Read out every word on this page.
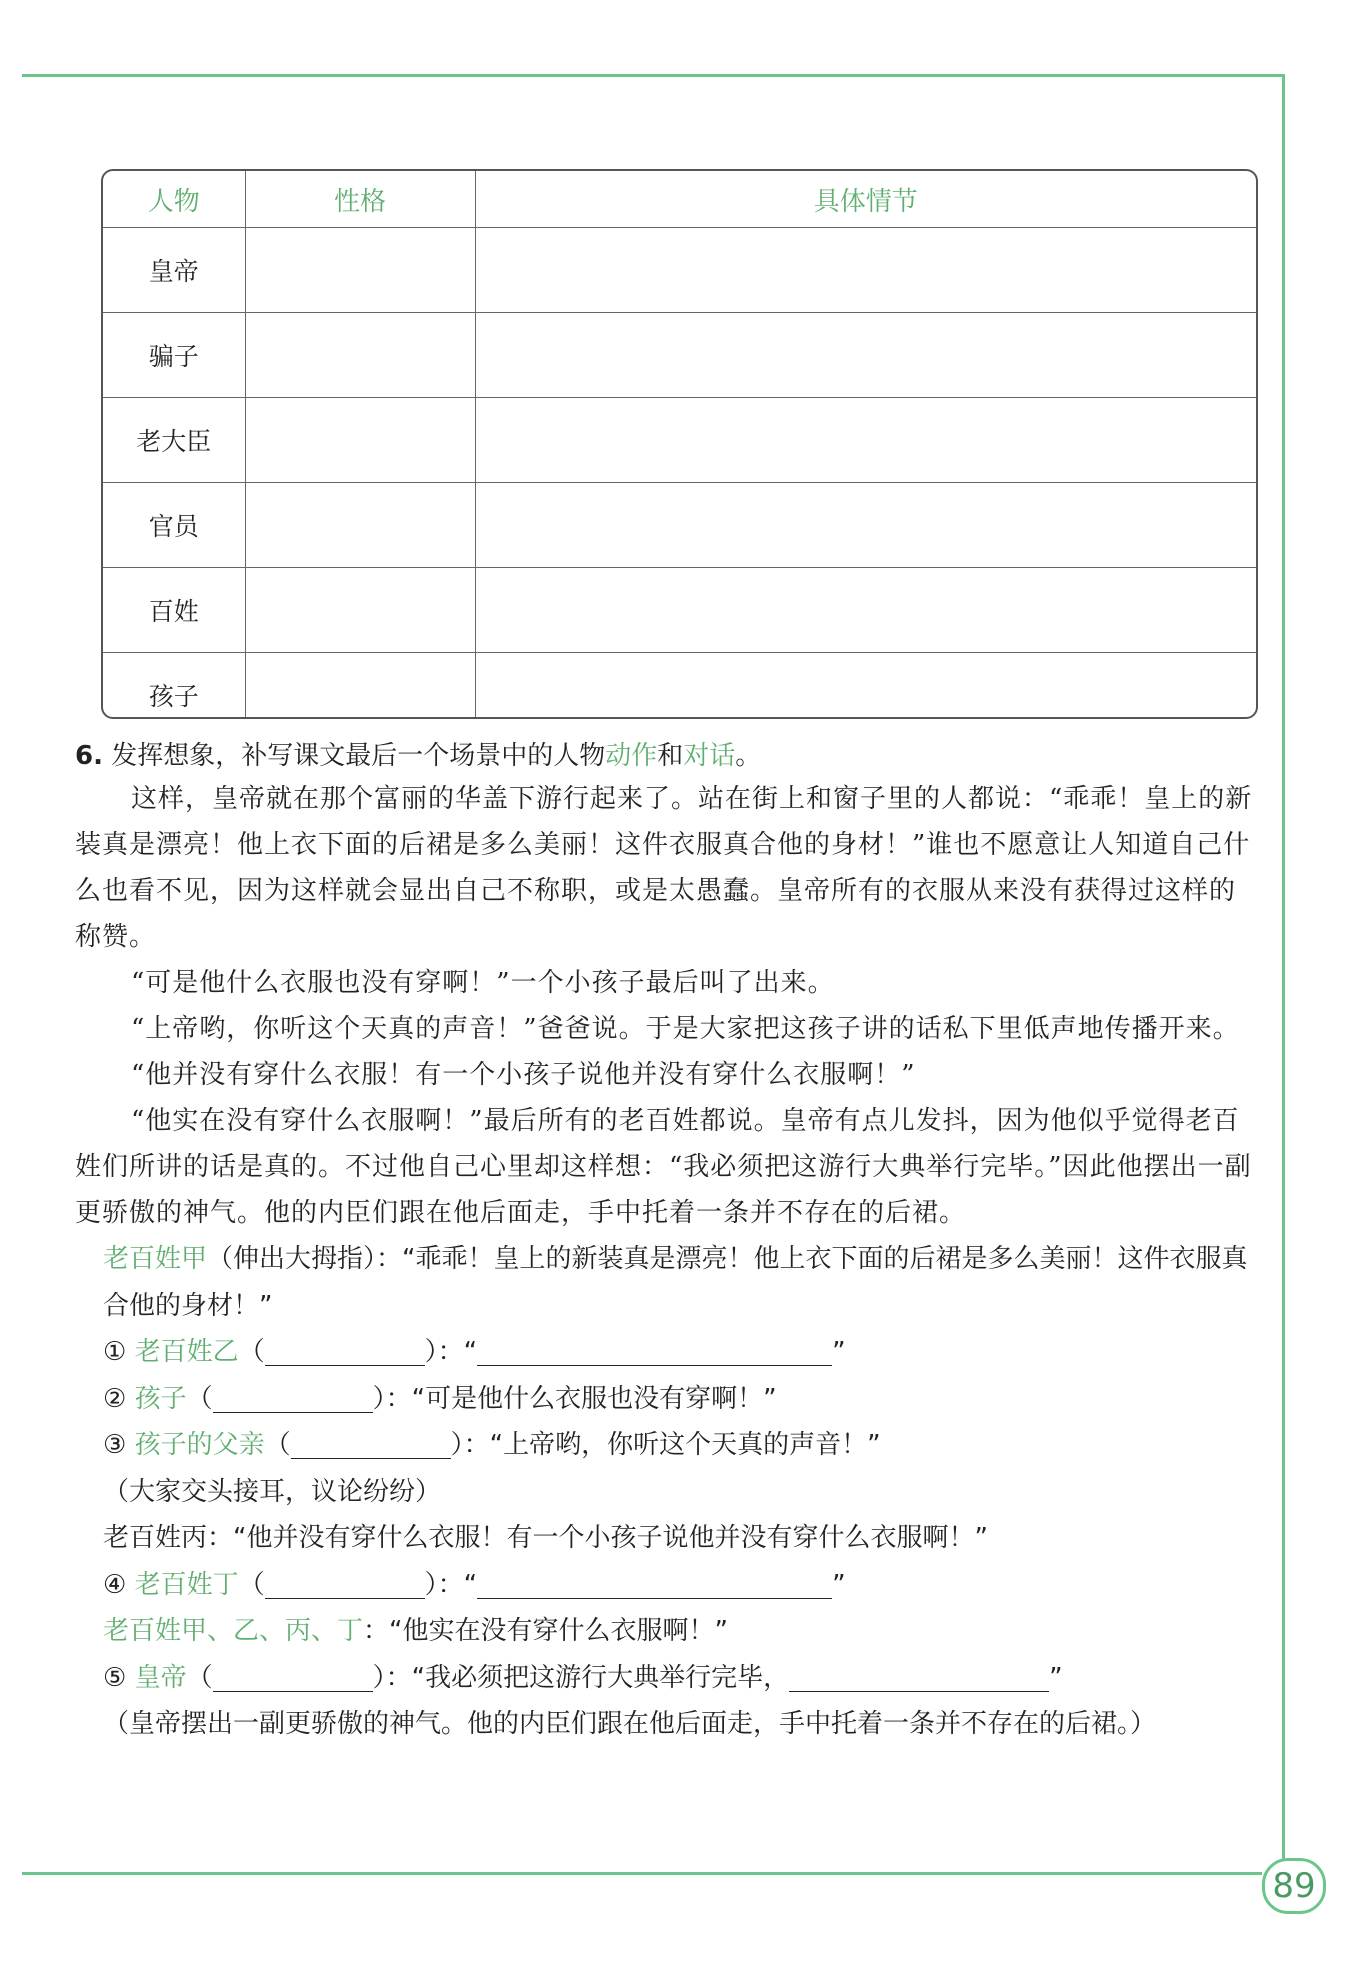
89
人物	性格	具体情节
皇帝		
骗子		
老大臣		
官员		
百姓		
孩子		
6. 发挥想象，补写课文最后一个场景中的人物动作和对话。

这样，皇帝就在那个富丽的华盖下游行起来了。站在街上和窗子里的人都说：“乖乖！皇上的新装真是漂亮！他上衣下面的后裙是多么美丽！这件衣服真合他的身材！”谁也不愿意让人知道自己什么也看不见，因为这样就会显出自己不称职，或是太愚蠢。皇帝所有的衣服从来没有获得过这样的称赞。

“可是他什么衣服也没有穿啊！”一个小孩子最后叫了出来。

“上帝哟，你听这个天真的声音！”爸爸说。于是大家把这孩子讲的话私下里低声地传播开来。

“他并没有穿什么衣服！有一个小孩子说他并没有穿什么衣服啊！”

“他实在没有穿什么衣服啊！”最后所有的老百姓都说。皇帝有点儿发抖，因为他似乎觉得老百姓们所讲的话是真的。不过他自己心里却这样想：“我必须把这游行大典举行完毕。”因此他摆出一副更骄傲的神气。他的内臣们跟在他后面走，手中托着一条并不存在的后裙。

老百姓甲（伸出大拇指）：“乖乖！皇上的新装真是漂亮！他上衣下面的后裙是多么美丽！这件衣服真合他的身材！”

① 老百姓乙（	）：“	”

② 孩子（	）：“可是他什么衣服也没有穿啊！”

③ 孩子的父亲（	）：“上帝哟，你听这个天真的声音！”

（大家交头接耳，议论纷纷）

老百姓丙：“他并没有穿什么衣服！有一个小孩子说他并没有穿什么衣服啊！”

④ 老百姓丁（	）：“	”

老百姓甲、乙、丙、丁：“他实在没有穿什么衣服啊！”

⑤ 皇帝（	）：“我必须把这游行大典举行完毕，	”

（皇帝摆出一副更骄傲的神气。他的内臣们跟在他后面走，手中托着一条并不存在的后裙。）
